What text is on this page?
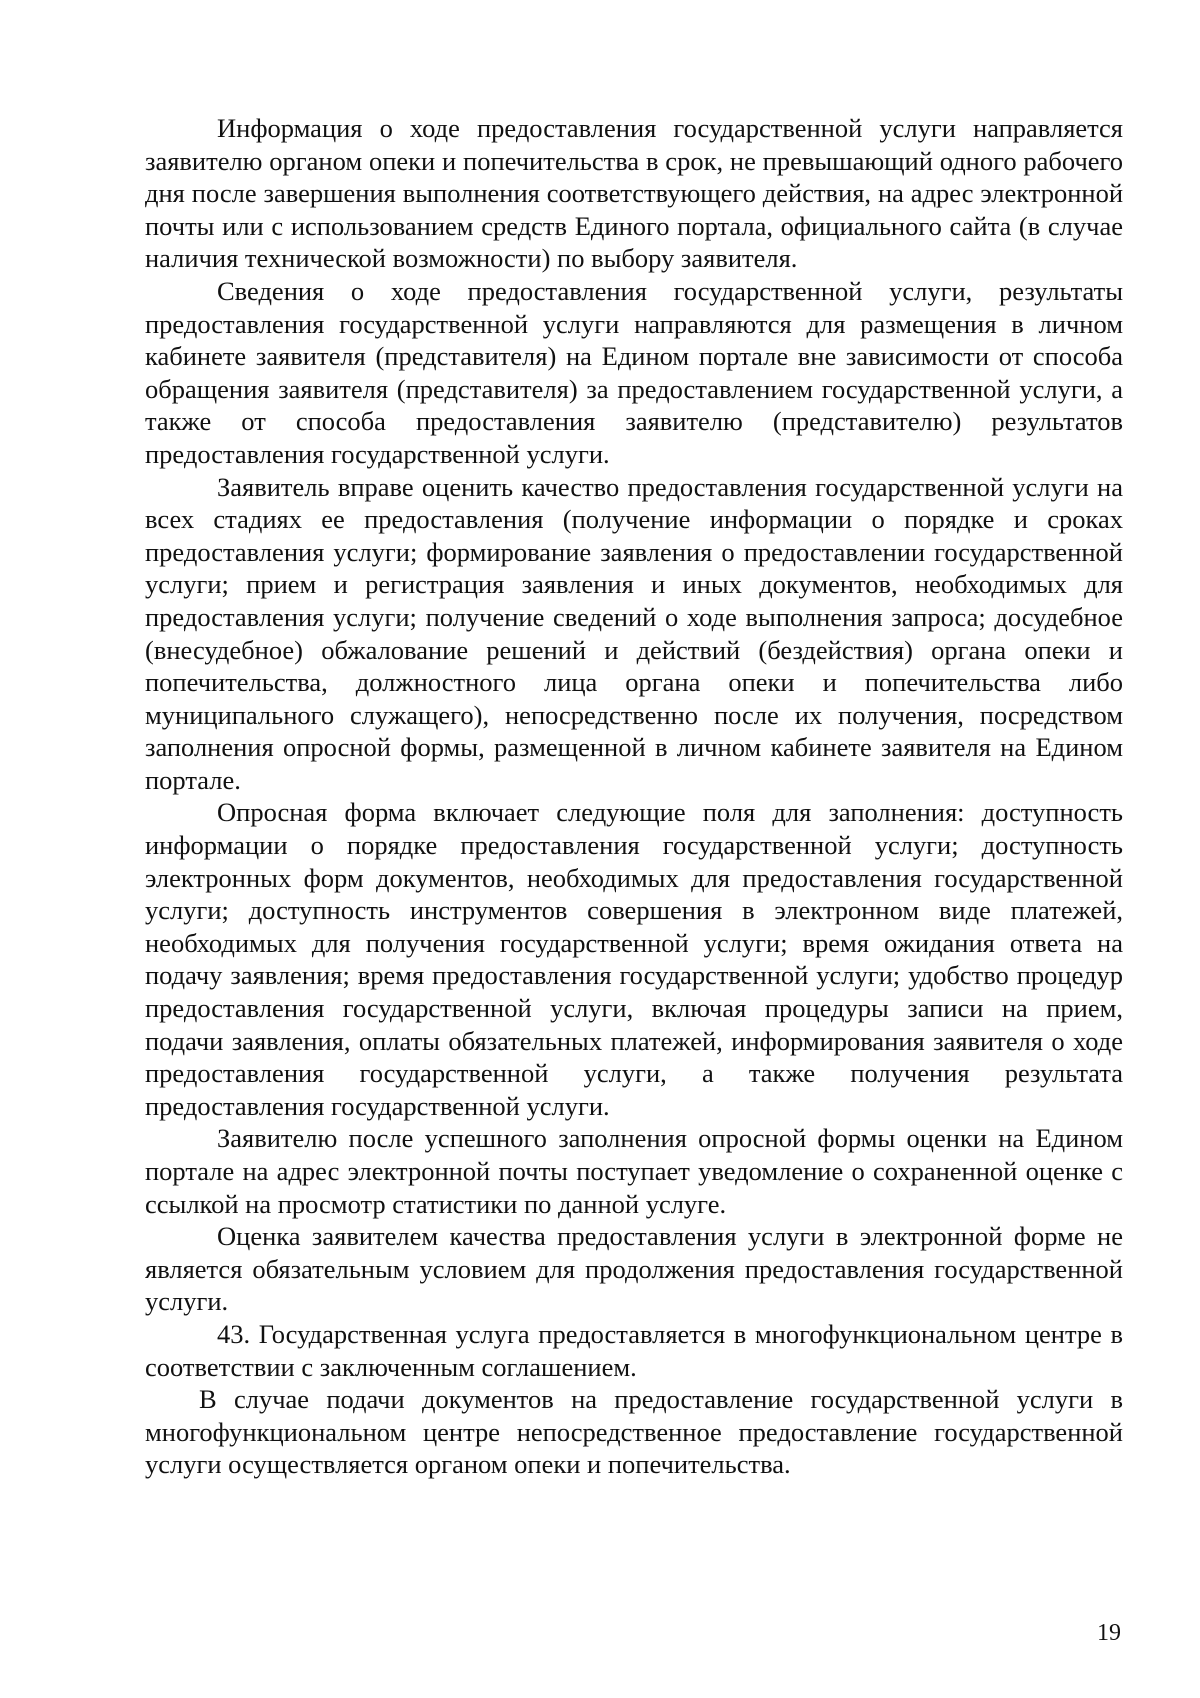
Информация о ходе предоставления государственной услуги направляется заявителю органом опеки и попечительства в срок, не превышающий одного рабочего дня после завершения выполнения соответствующего действия, на адрес электронной почты или с использованием средств Единого портала, официального сайта (в случае наличия технической возможности) по выбору заявителя.

Сведения о ходе предоставления государственной услуги, результаты предоставления государственной услуги направляются для размещения в личном кабинете заявителя (представителя) на Едином портале вне зависимости от способа обращения заявителя (представителя) за предоставлением государственной услуги, а также от способа предоставления заявителю (представителю) результатов предоставления государственной услуги.

Заявитель вправе оценить качество предоставления государственной услуги на всех стадиях ее предоставления (получение информации о порядке и сроках предоставления услуги; формирование заявления о предоставлении государственной услуги; прием и регистрация заявления и иных документов, необходимых для предоставления услуги; получение сведений о ходе выполнения запроса; досудебное (внесудебное) обжалование решений и действий (бездействия) органа опеки и попечительства, должностного лица органа опеки и попечительства либо муниципального служащего), непосредственно после их получения, посредством заполнения опросной формы, размещенной в личном кабинете заявителя на Едином портале.

Опросная форма включает следующие поля для заполнения: доступность информации о порядке предоставления государственной услуги; доступность электронных форм документов, необходимых для предоставления государственной услуги; доступность инструментов совершения в электронном виде платежей, необходимых для получения государственной услуги; время ожидания ответа на подачу заявления; время предоставления государственной услуги; удобство процедур предоставления государственной услуги, включая процедуры записи на прием, подачи заявления, оплаты обязательных платежей, информирования заявителя о ходе предоставления государственной услуги, а также получения результата предоставления государственной услуги.

Заявителю после успешного заполнения опросной формы оценки на Едином портале на адрес электронной почты поступает уведомление о сохраненной оценке с ссылкой на просмотр статистики по данной услуге.

Оценка заявителем качества предоставления услуги в электронной форме не является обязательным условием для продолжения предоставления государственной услуги.

43. Государственная услуга предоставляется в многофункциональном центре в соответствии с заключенным соглашением.

В случае подачи документов на предоставление государственной услуги в многофункциональном центре непосредственное предоставление государственной услуги осуществляется органом опеки и попечительства.

19
